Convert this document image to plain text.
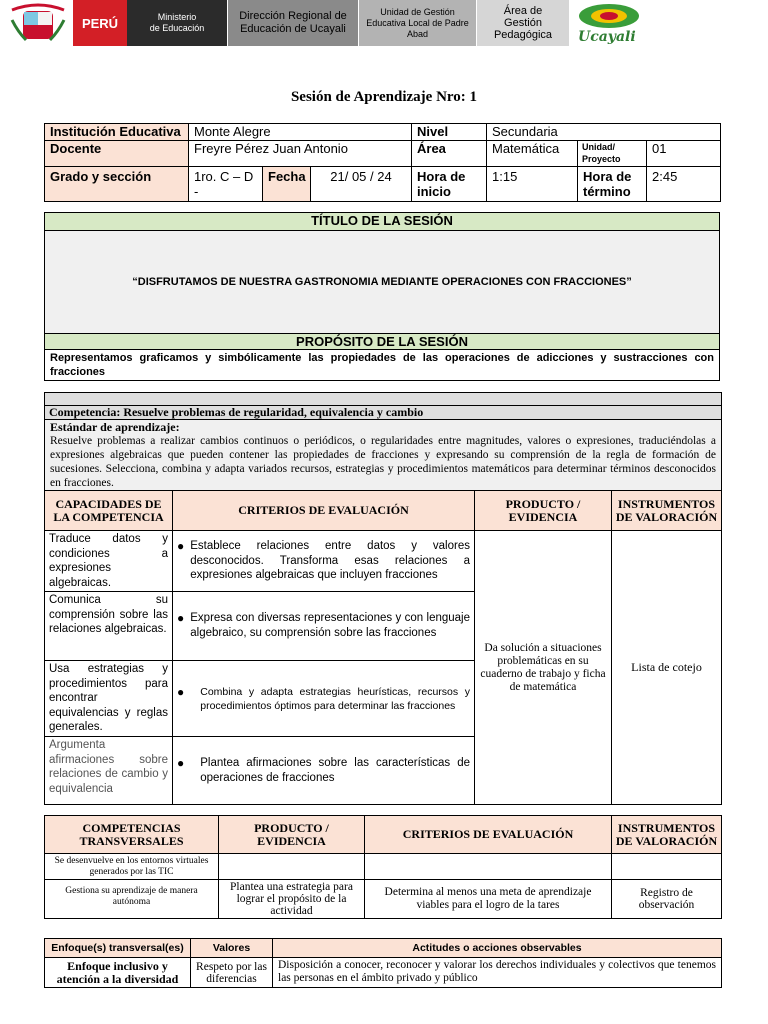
PERÚ	Ministerio
de Educación
Dirección Regional de Educación de Ucayali
Unidad de Gestión Educativa Local de Padre Abad
Área de Gestión Pedagógica	Ucayali
Sesión de Aprendizaje Nro: 1
Institución Educativa	Monte Alegre			Nivel	Secundaria		
Docente	Freyre Pérez Juan Antonio			Área	Matemática	Unidad/ Proyecto	01
Grado y sección	1ro. C – D -	Fecha	21/ 05 / 24	Hora de inicio	1:15	Hora de término	2:45
TÍTULO DE LA SESIÓN
“DISFRUTAMOS DE NUESTRA GASTRONOMIA MEDIANTE OPERACIONES CON FRACCIONES”
PROPÓSITO DE LA SESIÓN
Representamos graficamos y simbólicamente las propiedades de las operaciones de adicciones y sustracciones con fracciones

Competencia: Resuelve problemas de regularidad, equivalencia y cambio			

Estándar de aprendizaje:
Resuelve problemas a realizar cambios continuos o periódicos, o regularidades entre magnitudes, valores o expresiones, traduciéndolas a expresiones algebraicas que pueden contener las propiedades de fracciones y expresando su comprensión de la regla de formación de sucesiones. Selecciona, combina y adapta variados recursos, estrategias y procedimientos matemáticos para determinar términos desconocidos en fracciones.			

CAPACIDADES DE LA COMPETENCIA	CRITERIOS DE EVALUACIÓN	PRODUCTO / EVIDENCIA	INSTRUMENTOS DE VALORACIÓN
Traduce datos y condiciones a expresiones algebraicas.	● Establece relaciones entre datos y valores desconocidos. Transforma esas relaciones a expresiones algebraicas que incluyen fracciones	Da solución a situaciones problemáticas en su cuaderno de trabajo y ficha de matemática	Lista de cotejo
Comunica su comprensión sobre las relaciones algebraicas.	● Expresa con diversas representaciones y con lenguaje algebraico, su comprensión sobre las fracciones		

Usa estrategias y procedimientos para encontrar equivalencias y reglas generales.	● Combina y adapta estrategias heurísticas, recursos y procedimientos óptimos para determinar las fracciones		

Argumenta afirmaciones sobre relaciones de cambio y equivalencia	● Plantea afirmaciones sobre las características de operaciones de fracciones		
COMPETENCIAS TRANSVERSALES	PRODUCTO / EVIDENCIA	CRITERIOS DE EVALUACIÓN	INSTRUMENTOS DE VALORACIÓN
Se desenvuelve en los entornos virtuales generados por las TIC			
Gestiona su aprendizaje de manera autónoma	Plantea una estrategia para lograr el propósito de la actividad	Determina al menos una meta de aprendizaje viables para el logro de la tares	Registro de observación
Enfoque(s) transversal(es)	Valores	Actitudes o acciones observables
Enfoque inclusivo y atención a la diversidad	Respeto por las diferencias	Disposición a conocer, reconocer y valorar los derechos individuales y colectivos que tenemos las personas en el ámbito privado y público
